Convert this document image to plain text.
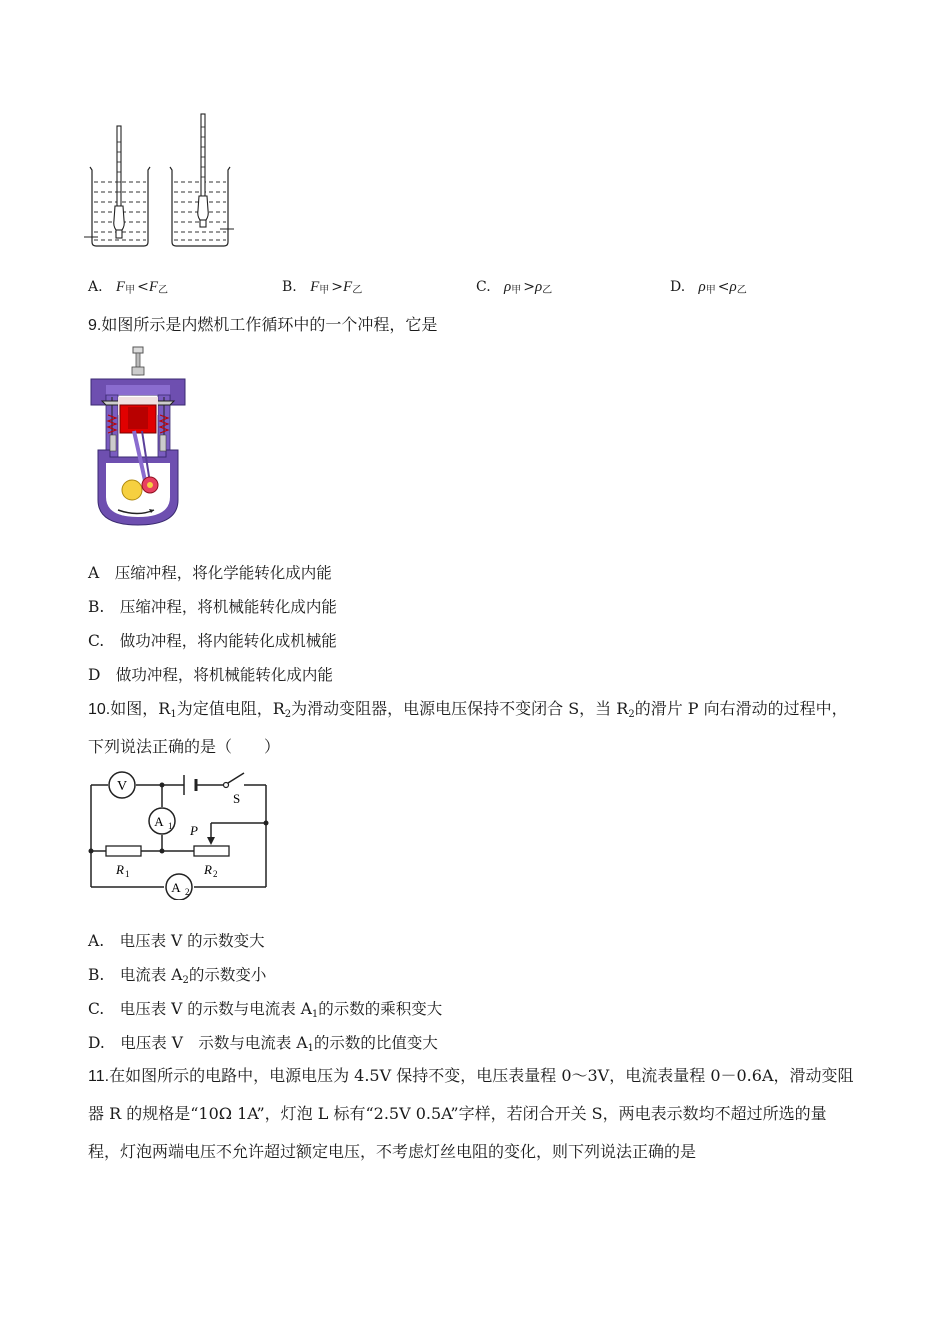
A. $F_甲 <F_乙$	B. $F_甲 >F_乙$	C. $\rho_甲 >\rho_乙$	D. $\rho_甲 <\rho_乙$
9.如图所示是内燃机工作循环中的一个冲程，它是
A　压缩冲程，将化学能转化成内能
B.　压缩冲程，将机械能转化成内能
C.　做功冲程，将内能转化成机械能
D　做功冲程，将机械能转化成内能
10.如图，R1为定值电阻，R2为滑动变阻器，电源电压保持不变闭合 S，当 R2的滑片 P 向右滑动的过程中，
下列说法正确的是（　　）
V
A 1
R 1	R 2
P
S
A 2
A.　电压表 V 的示数变大
B.　电流表 A2的示数变小
C.　电压表 V 的示数与电流表 A1的示数的乘积变大
D.　电压表 V　示数与电流表 A1的示数的比值变大
11.在如图所示的电路中，电源电压为 4.5V 保持不变，电压表量程 0～3V，电流表量程 0－0.6A，滑动变阻
器 R 的规格是“10Ω 1A”，灯泡 L 标有“2.5V 0.5A”字样，若闭合开关 S，两电表示数均不超过所选的量
程，灯泡两端电压不允许超过额定电压，不考虑灯丝电阻的变化，则下列说法正确的是
